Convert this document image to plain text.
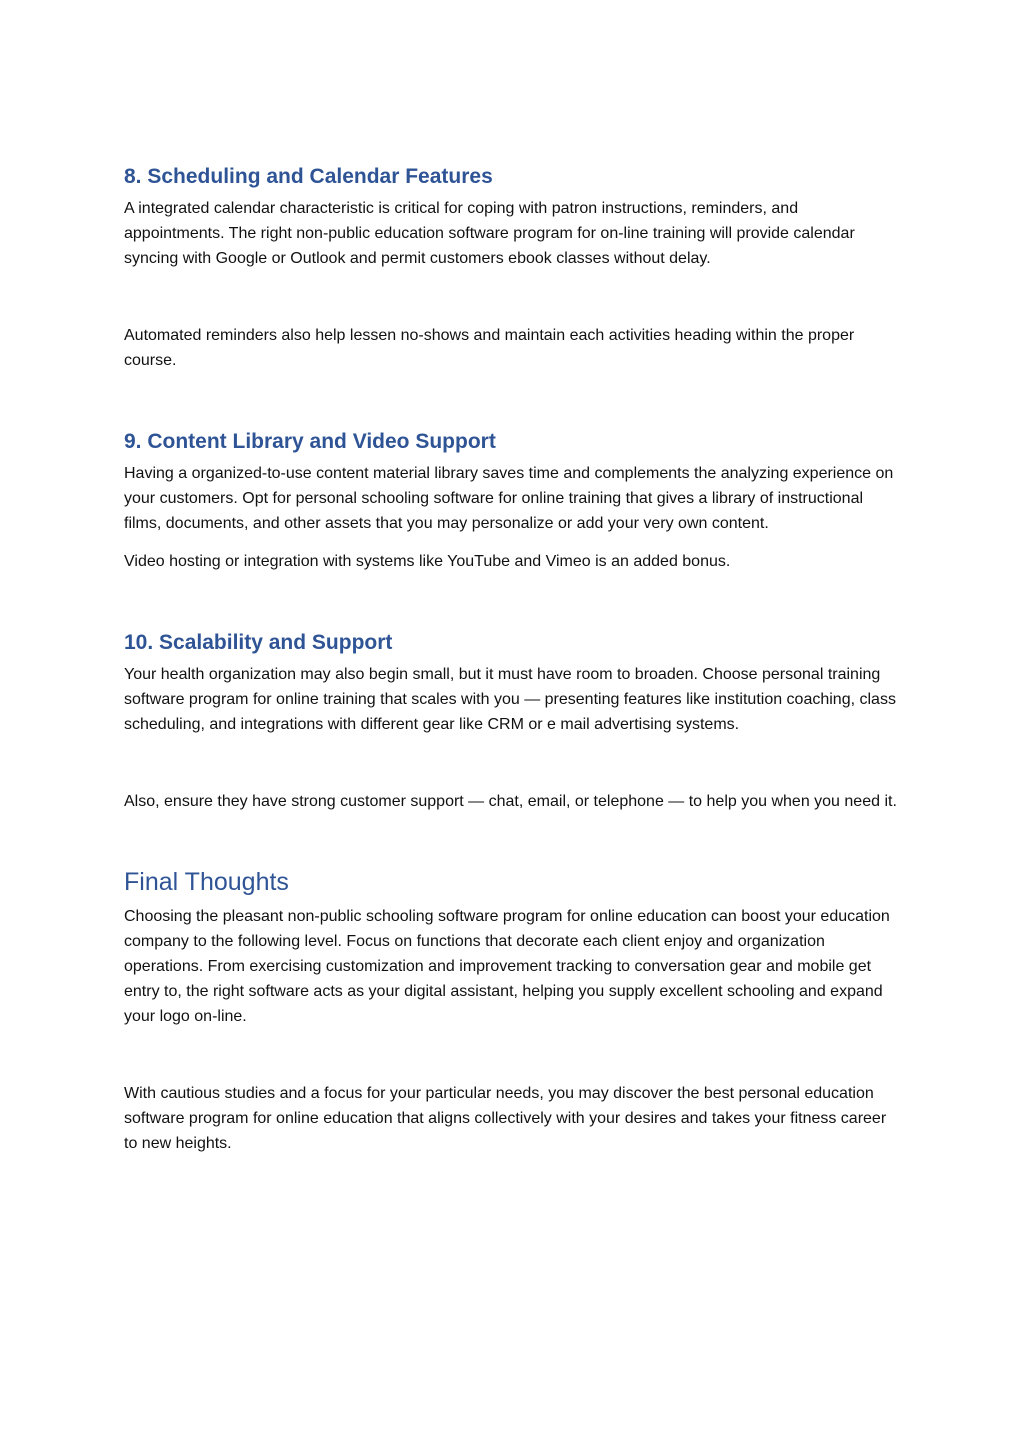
8. Scheduling and Calendar Features

A integrated calendar characteristic is critical for coping with patron instructions, reminders, and appointments. The right non-public education software program for on-line training will provide calendar syncing with Google or Outlook and permit customers ebook classes without delay.

Automated reminders also help lessen no-shows and maintain each activities heading within the proper course.

9. Content Library and Video Support

Having a organized-to-use content material library saves time and complements the analyzing experience on your customers. Opt for personal schooling software for online training that gives a library of instructional films, documents, and other assets that you may personalize or add your very own content.

Video hosting or integration with systems like YouTube and Vimeo is an added bonus.

10. Scalability and Support

Your health organization may also begin small, but it must have room to broaden. Choose personal training software program for online training that scales with you — presenting features like institution coaching, class scheduling, and integrations with different gear like CRM or e mail advertising systems.

Also, ensure they have strong customer support — chat, email, or telephone — to help you when you need it.

Final Thoughts

Choosing the pleasant non-public schooling software program for online education can boost your education company to the following level. Focus on functions that decorate each client enjoy and organization operations. From exercising customization and improvement tracking to conversation gear and mobile get entry to, the right software acts as your digital assistant, helping you supply excellent schooling and expand your logo on-line.

With cautious studies and a focus for your particular needs, you may discover the best personal education software program for online education that aligns collectively with your desires and takes your fitness career to new heights.
